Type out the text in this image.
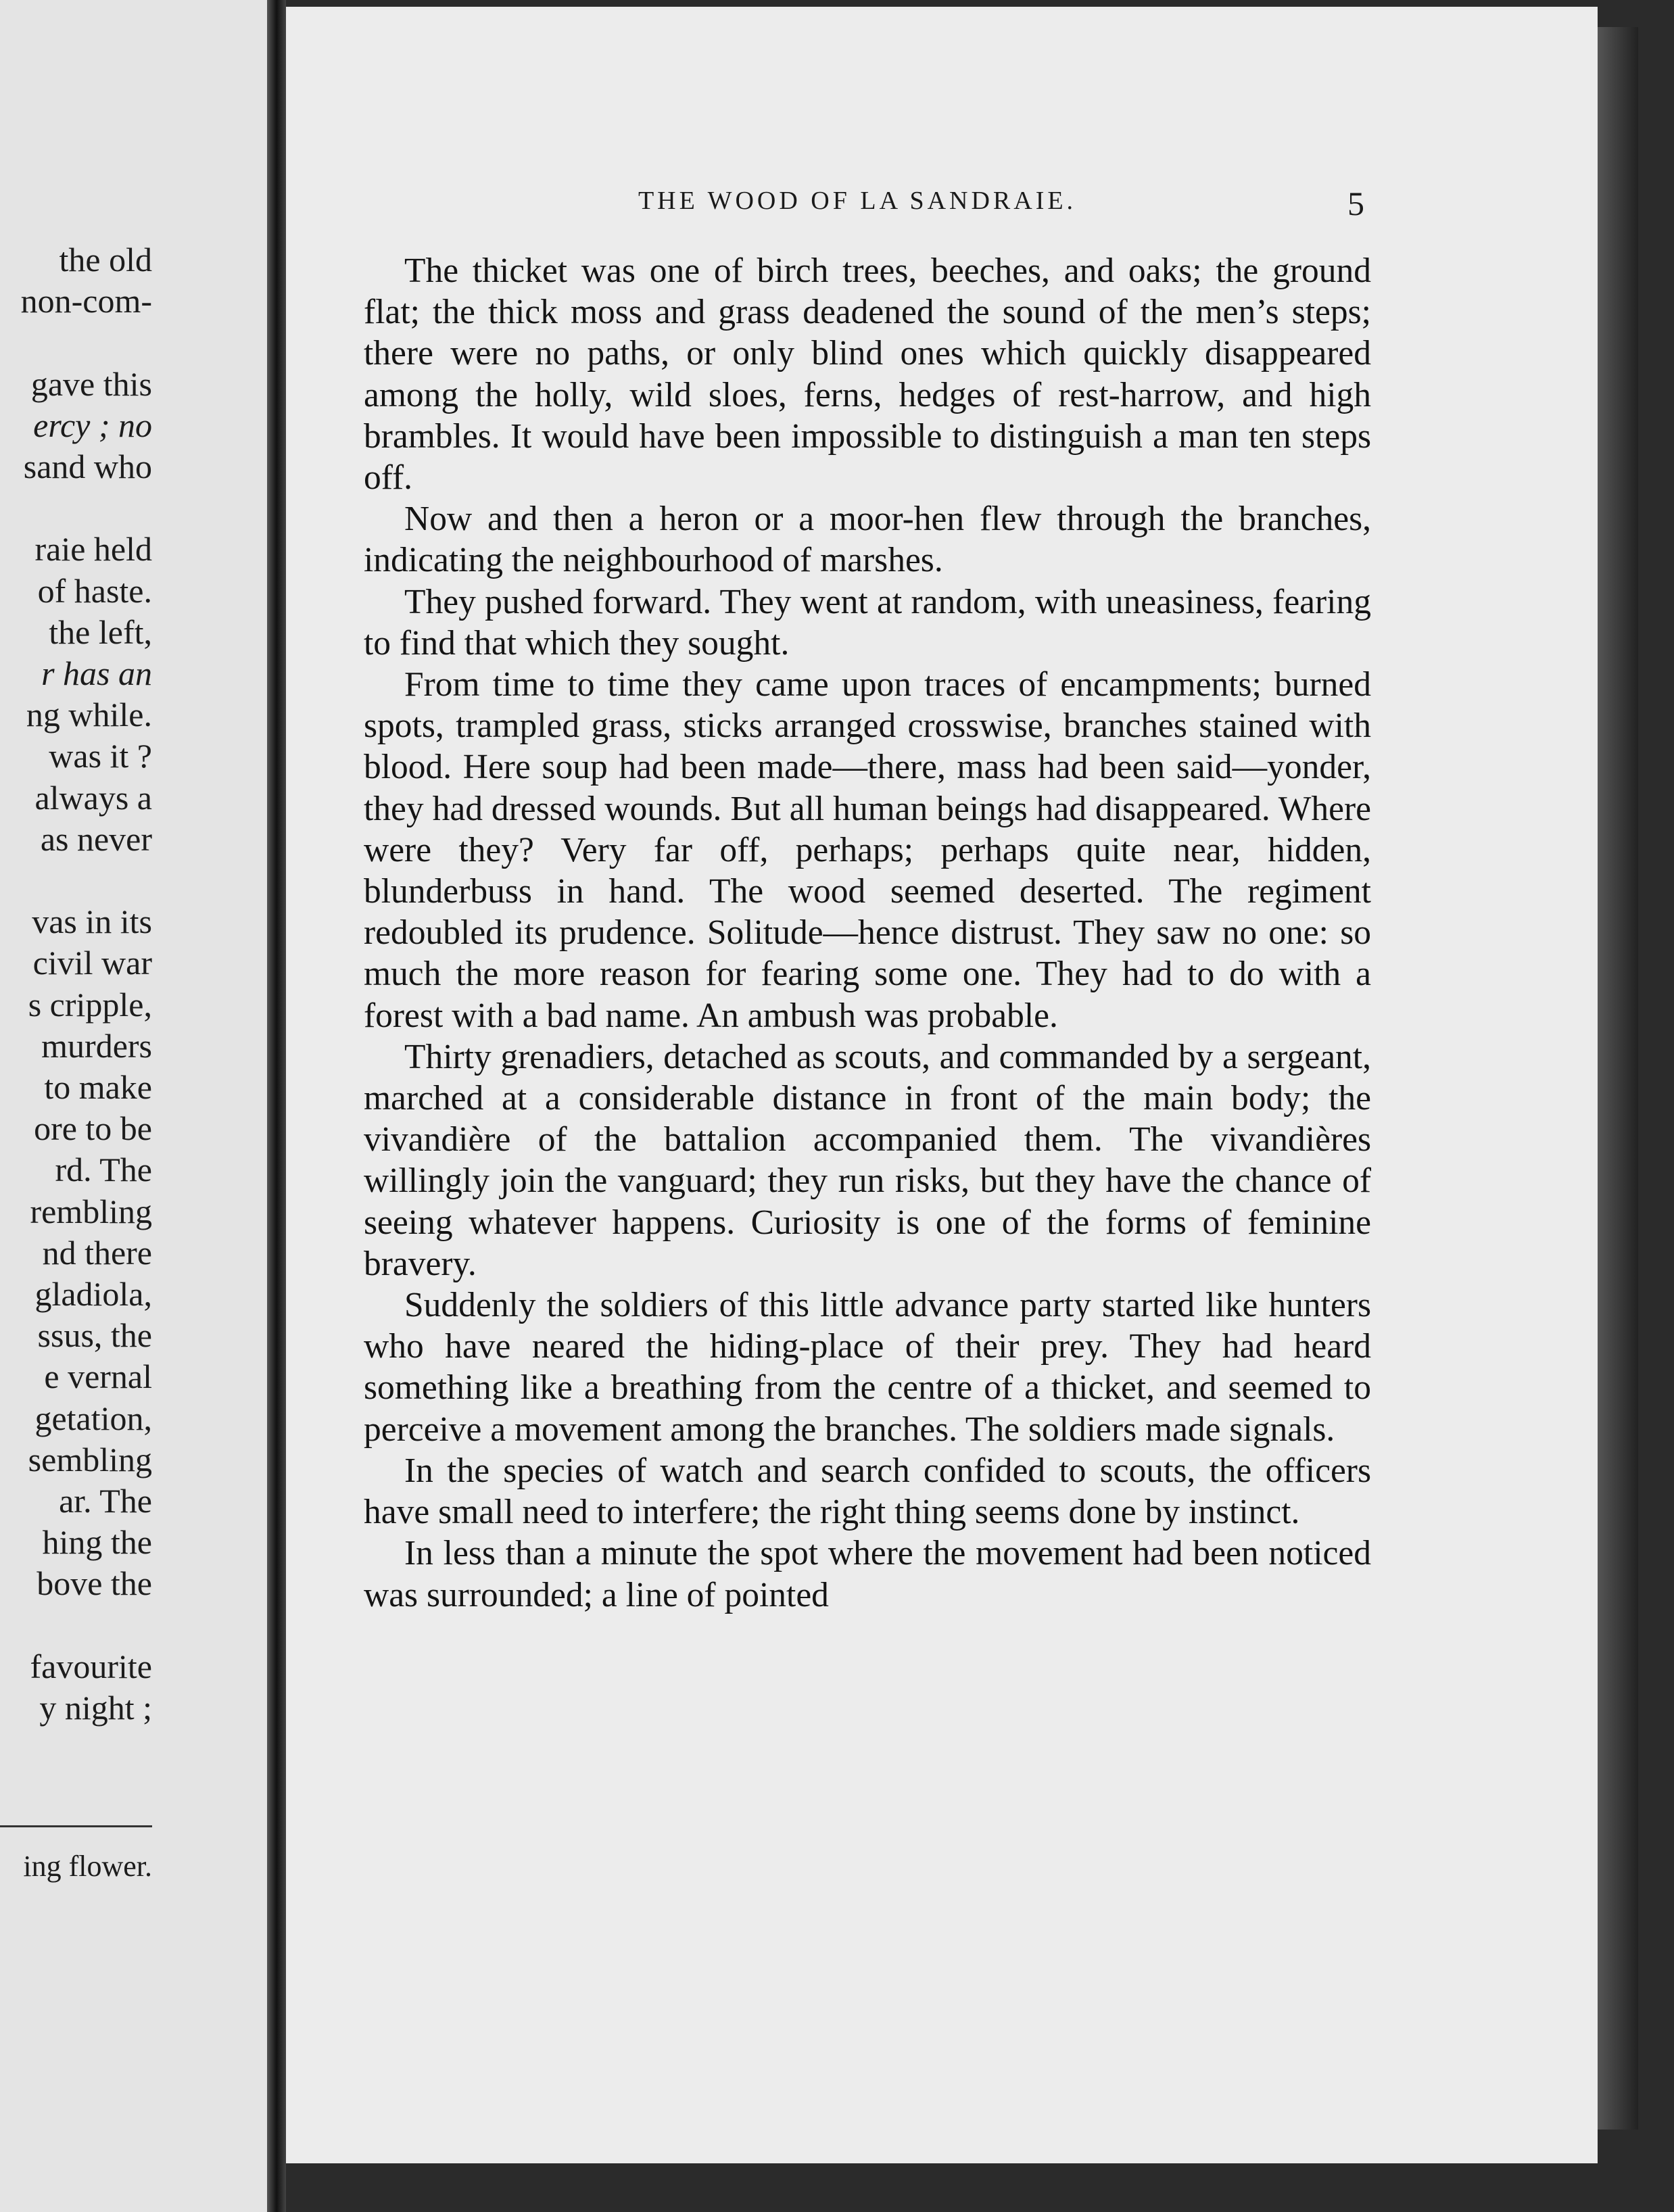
the old
non-com-
gave this
ercy ; no
sand who
raie held
of haste.
the left,
r has an
ng while.
was it ?
always a
as never
vas in its
civil war
s cripple,
murders
to make
ore to be
rd. The
rembling
nd there
gladiola,
ssus, the
e vernal
getation,
sembling
ar. The
hing the
bove the
favourite
y night ;
ing flower.
THE WOOD OF LA SANDRAIE.	5

The thicket was one of birch trees, beeches, and oaks; the ground flat; the thick moss and grass deadened the sound of the men’s steps; there were no paths, or only blind ones which quickly disappeared among the holly, wild sloes, ferns, hedges of rest-harrow, and high brambles. It would have been impossible to distinguish a man ten steps off.

Now and then a heron or a moor-hen flew through the branches, indicating the neighbourhood of marshes.

They pushed forward. They went at random, with uneasiness, fearing to find that which they sought.

From time to time they came upon traces of encampments; burned spots, trampled grass, sticks arranged crosswise, branches stained with blood. Here soup had been made—there, mass had been said—yonder, they had dressed wounds. But all human beings had disappeared. Where were they? Very far off, perhaps; perhaps quite near, hidden, blunderbuss in hand. The wood seemed deserted. The regiment redoubled its prudence. Solitude—hence distrust. They saw no one: so much the more reason for fearing some one. They had to do with a forest with a bad name. An ambush was probable.

Thirty grenadiers, detached as scouts, and commanded by a sergeant, marched at a considerable distance in front of the main body; the vivandière of the battalion accompanied them. The vivandières willingly join the vanguard; they run risks, but they have the chance of seeing whatever happens. Curiosity is one of the forms of feminine bravery.

Suddenly the soldiers of this little advance party started like hunters who have neared the hiding-place of their prey. They had heard something like a breathing from the centre of a thicket, and seemed to perceive a movement among the branches. The soldiers made signals.

In the species of watch and search confided to scouts, the officers have small need to interfere; the right thing seems done by instinct.

In less than a minute the spot where the movement had been noticed was surrounded; a line of pointed
